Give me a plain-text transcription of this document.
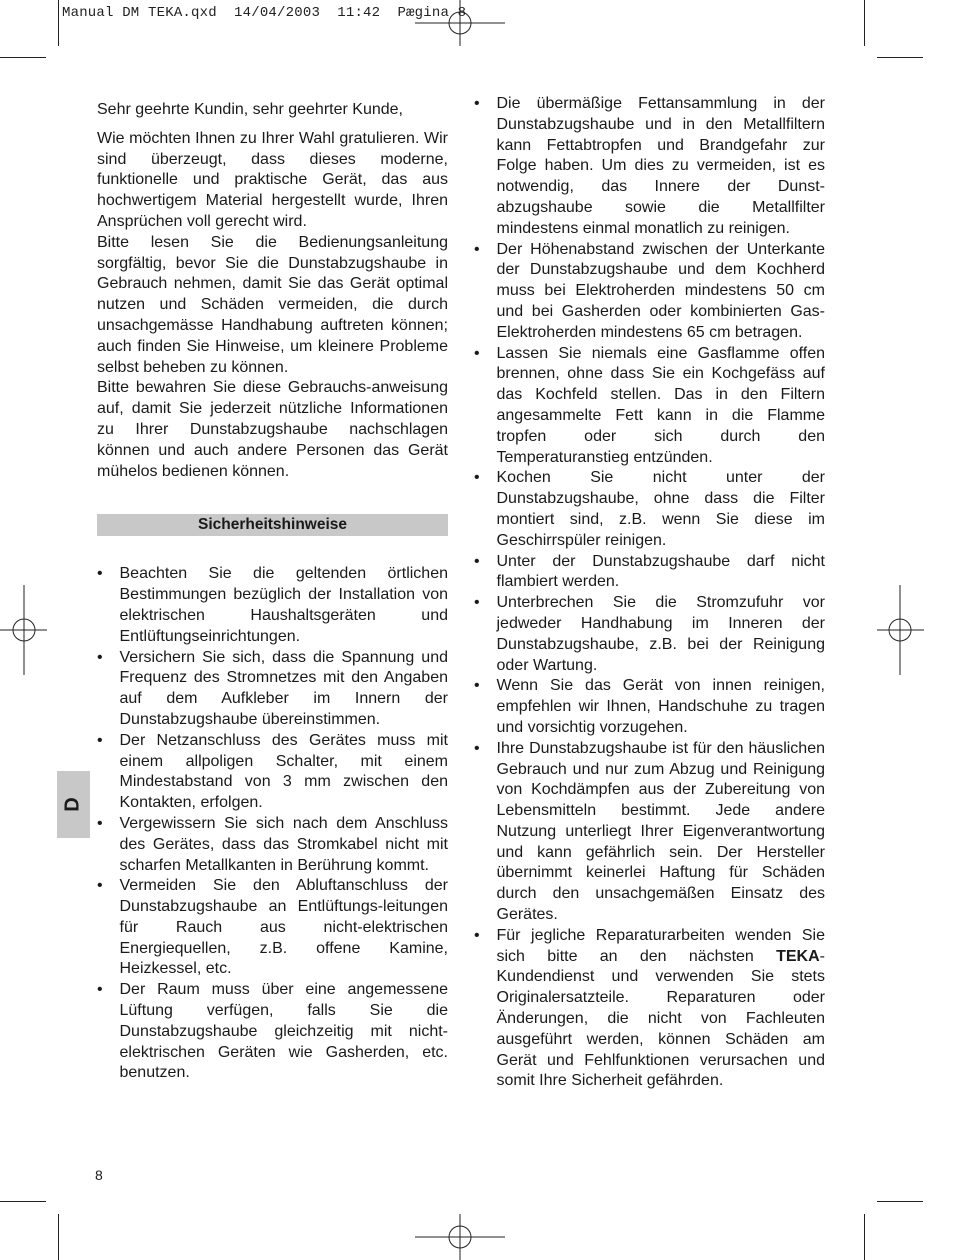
Manual DM TEKA.qxd  14/04/2003  11:42  Pægina 8

Sehr geehrte Kundin, sehr geehrter Kunde,

Wie möchten Ihnen zu Ihrer Wahl gratulieren. Wir sind überzeugt, dass dieses moderne, funktionelle und praktische Gerät, das aus hochwertigem Material hergestellt wurde, Ihren Ansprüchen voll gerecht wird.

Bitte lesen Sie die Bedienungsanleitung sorgfältig, bevor Sie die Dunstabzugshaube in Gebrauch nehmen, damit Sie das Gerät optimal nutzen und Schäden vermeiden, die durch unsachgemässe Handhabung auftreten können; auch finden Sie Hinweise, um kleinere Probleme selbst beheben zu können.

Bitte bewahren Sie diese Gebrauchs-anweisung auf, damit Sie jederzeit nützliche Informationen zu Ihrer Dunstabzugshaube nachschlagen können und auch andere Personen das Gerät mühelos bedienen können.

Sicherheitshinweise
• Beachten Sie die geltenden örtlichen Bestimmungen bezüglich der Installation von elektrischen Haushaltsgeräten und Entlüftungseinrichtungen.
• Versichern Sie sich, dass die Spannung und Frequenz des Stromnetzes mit den Angaben auf dem Aufkleber im Innern der Dunstabzugshaube übereinstimmen.
• Der Netzanschluss des Gerätes muss mit einem allpoligen Schalter, mit einem Mindestabstand von 3 mm zwischen den Kontakten, erfolgen.
• Vergewissern Sie sich nach dem Anschluss des Gerätes, dass das Stromkabel nicht mit scharfen Metallkanten in Berührung kommt.
• Vermeiden Sie den Abluftanschluss der Dunstabzugshaube an Entlüftungs-leitungen für Rauch aus nicht-elektrischen Energiequellen, z.B. offene Kamine, Heizkessel, etc.
• Der Raum muss über eine angemessene Lüftung verfügen, falls Sie die Dunstabzugshaube gleichzeitig mit nicht-elektrischen Geräten wie Gasherden, etc. benutzen.
• Die übermäßige Fettansammlung in der Dunstabzugshaube und in den Metallfiltern kann Fettabtropfen und Brandgefahr zur Folge haben. Um dies zu vermeiden, ist es notwendig, das Innere der Dunst-abzugshaube sowie die Metallfilter mindestens einmal monatlich zu reinigen.
• Der Höhenabstand zwischen der Unterkante der Dunstabzugshaube und dem Kochherd muss bei Elektroherden mindestens 50 cm und bei Gasherden oder kombinierten Gas-Elektroherden mindestens 65 cm betragen.
• Lassen Sie niemals eine Gasflamme offen brennen, ohne dass Sie ein Kochgefäss auf das Kochfeld stellen. Das in den Filtern angesammelte Fett kann in die Flamme tropfen oder sich durch den Temperaturanstieg entzünden.
• Kochen Sie nicht unter der Dunstabzugshaube, ohne dass die Filter montiert sind, z.B. wenn Sie diese im Geschirrspüler reinigen.
• Unter der Dunstabzugshaube darf nicht flambiert werden.
• Unterbrechen Sie die Stromzufuhr vor jedweder Handhabung im Inneren der Dunstabzugshaube, z.B. bei der Reinigung oder Wartung.
• Wenn Sie das Gerät von innen reinigen, empfehlen wir Ihnen, Handschuhe zu tragen und vorsichtig vorzugehen.
• Ihre Dunstabzugshaube ist für den häuslichen Gebrauch und nur zum Abzug und Reinigung von Kochdämpfen aus der Zubereitung von Lebensmitteln bestimmt. Jede andere Nutzung unterliegt Ihrer Eigenverantwortung und kann gefährlich sein. Der Hersteller übernimmt keinerlei Haftung für Schäden durch den unsachgemäßen Einsatz des Gerätes.
• Für jegliche Reparaturarbeiten wenden Sie sich bitte an den nächsten TEKA-Kundendienst und verwenden Sie stets Originalersatzteile. Reparaturen oder Änderungen, die nicht von Fachleuten ausgeführt werden, können Schäden am Gerät und Fehlfunktionen verursachen und somit Ihre Sicherheit gefährden.
D
8
